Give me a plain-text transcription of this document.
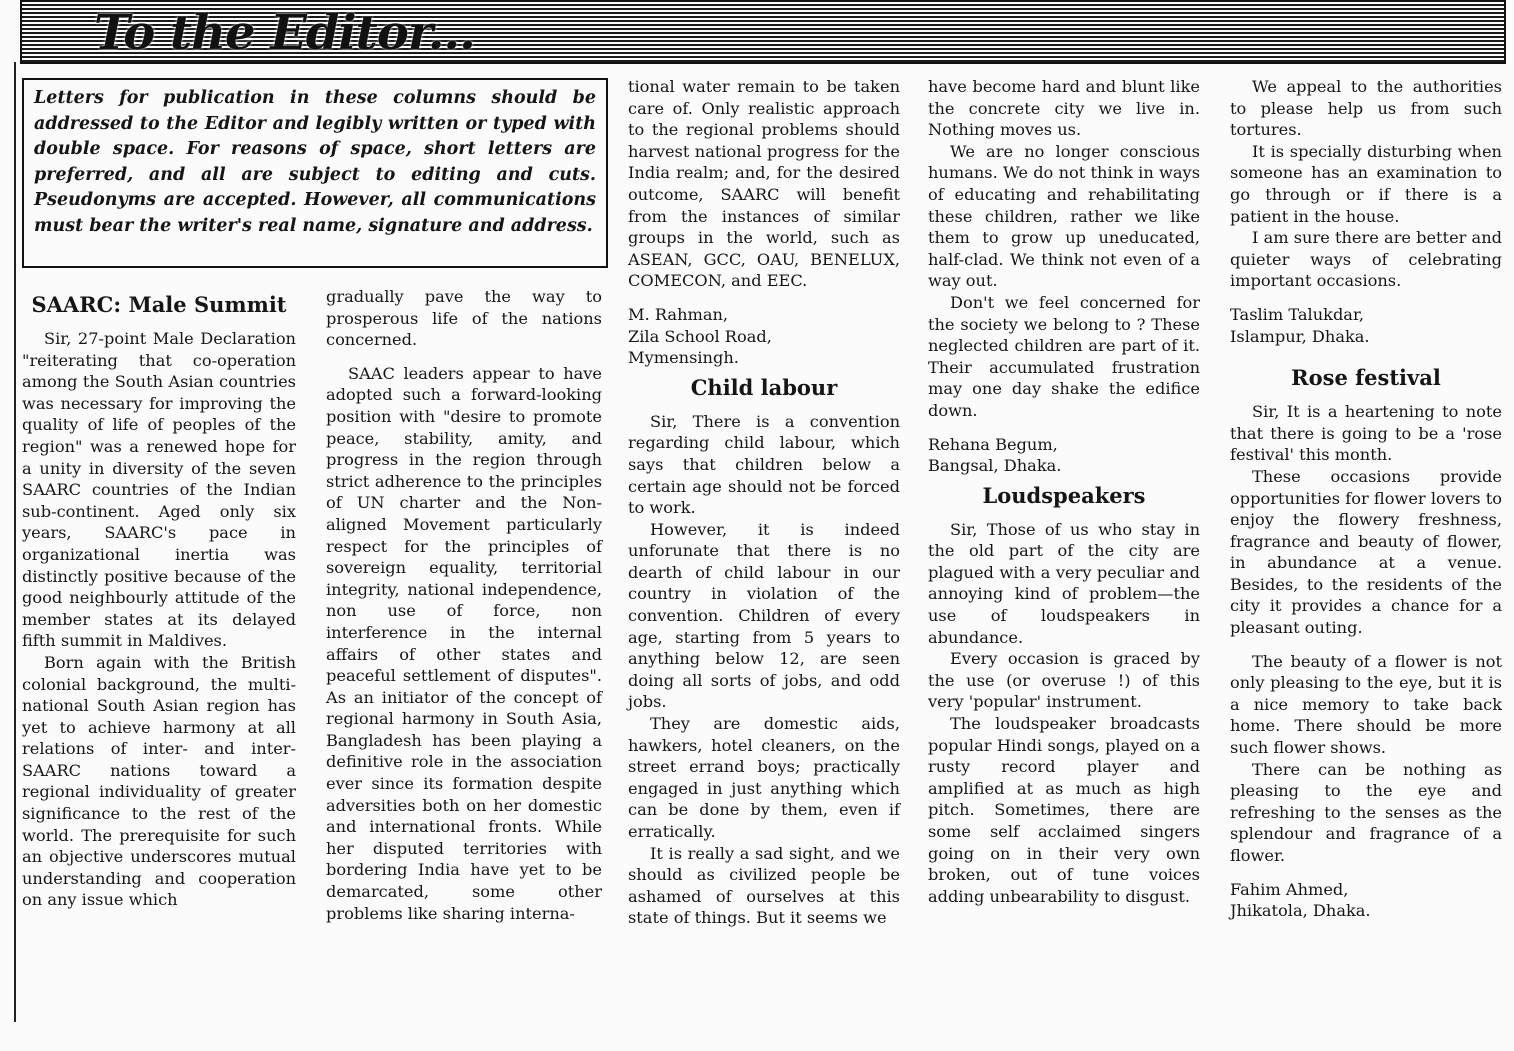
To the Editor...
Letters for publication in these columns should be addressed to the Editor and legibly written or typed with double space. For reasons of space, short letters are preferred, and all are subject to editing and cuts. Pseudonyms are accepted. However, all communications must bear the writer's real name, signature and address.
SAARC: Male Summit

Sir, 27-point Male Declaration "reiterating that co-operation among the South Asian countries was necessary for improving the quality of life of peoples of the region" was a renewed hope for a unity in diversity of the seven SAARC countries of the Indian sub-continent. Aged only six years, SAARC's pace in organizational inertia was distinctly positive because of the good neighbourly attitude of the member states at its delayed fifth summit in Maldives.

Born again with the British colonial background, the multi-national South Asian region has yet to achieve harmony at all relations of inter- and inter-SAARC nations toward a regional individuality of greater significance to the rest of the world. The prerequisite for such an objective underscores mutual understanding and cooperation on any issue which

gradually pave the way to prosperous life of the nations concerned.

SAAC leaders appear to have adopted such a forward-looking position with "desire to promote peace, stability, amity, and progress in the region through strict adherence to the principles of UN charter and the Non-aligned Movement particularly respect for the principles of sovereign equality, territorial integrity, national independence, non use of force, non interference in the internal affairs of other states and peaceful settlement of disputes". As an initiator of the concept of regional harmony in South Asia, Bangladesh has been playing a definitive role in the association ever since its formation despite adversities both on her domestic and international fronts. While her disputed territories with bordering India have yet to be demarcated, some other problems like sharing interna-

tional water remain to be taken care of. Only realistic approach to the regional problems should harvest national progress for the India realm; and, for the desired outcome, SAARC will benefit from the instances of similar groups in the world, such as ASEAN, GCC, OAU, BENELUX, COMECON, and EEC.

M. Rahman,

Zila School Road,

Mymensingh.

Child labour

Sir, There is a convention regarding child labour, which says that children below a certain age should not be forced to work.

However, it is indeed unforunate that there is no dearth of child labour in our country in violation of the convention. Children of every age, starting from 5 years to anything below 12, are seen doing all sorts of jobs, and odd jobs.

They are domestic aids, hawkers, hotel cleaners, on the street errand boys; practically engaged in just anything which can be done by them, even if erratically.

It is really a sad sight, and we should as civilized people be ashamed of ourselves at this state of things. But it seems we

have become hard and blunt like the concrete city we live in. Nothing moves us.

We are no longer conscious humans. We do not think in ways of educating and rehabilitating these children, rather we like them to grow up uneducated, half-clad. We think not even of a way out.

Don't we feel concerned for the society we belong to ? These neglected children are part of it. Their accumulated frustration may one day shake the edifice down.

Rehana Begum,

Bangsal, Dhaka.

Loudspeakers

Sir, Those of us who stay in the old part of the city are plagued with a very peculiar and annoying kind of problem—the use of loudspeakers in abundance.

Every occasion is graced by the use (or overuse !) of this very 'popular' instrument.

The loudspeaker broadcasts popular Hindi songs, played on a rusty record player and amplified at as much as high pitch. Sometimes, there are some self acclaimed singers going on in their very own broken, out of tune voices adding unbearability to disgust.

We appeal to the authorities to please help us from such tortures.

It is specially disturbing when someone has an examination to go through or if there is a patient in the house.

I am sure there are better and quieter ways of celebrating important occasions.

Taslim Talukdar,

Islampur, Dhaka.

Rose festival

Sir, It is a heartening to note that there is going to be a 'rose festival' this month.

These occasions provide opportunities for flower lovers to enjoy the flowery freshness, fragrance and beauty of flower, in abundance at a venue. Besides, to the residents of the city it provides a chance for a pleasant outing.

The beauty of a flower is not only pleasing to the eye, but it is a nice memory to take back home. There should be more such flower shows.

There can be nothing as pleasing to the eye and refreshing to the senses as the splendour and fragrance of a flower.

Fahim Ahmed,

Jhikatola, Dhaka.
